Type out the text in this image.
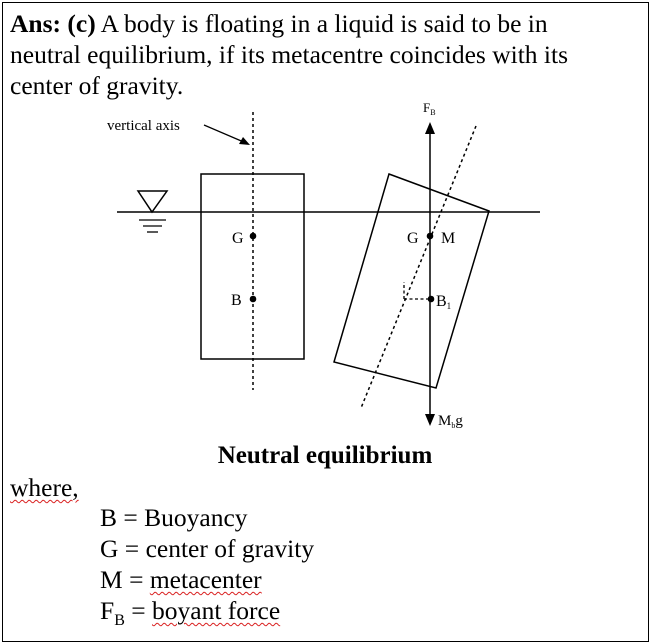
Ans: (c) A body is floating in a liquid is said to be in
neutral equilibrium, if its metacentre coincides with its
center of gravity.
vertical axis
G
B
$F_B$
$M_bg$
G M
B1
Neutral equilibrium
where,
B = Buoyancy
G = center of gravity
M = metacenter
$F_B$ = boyant force
